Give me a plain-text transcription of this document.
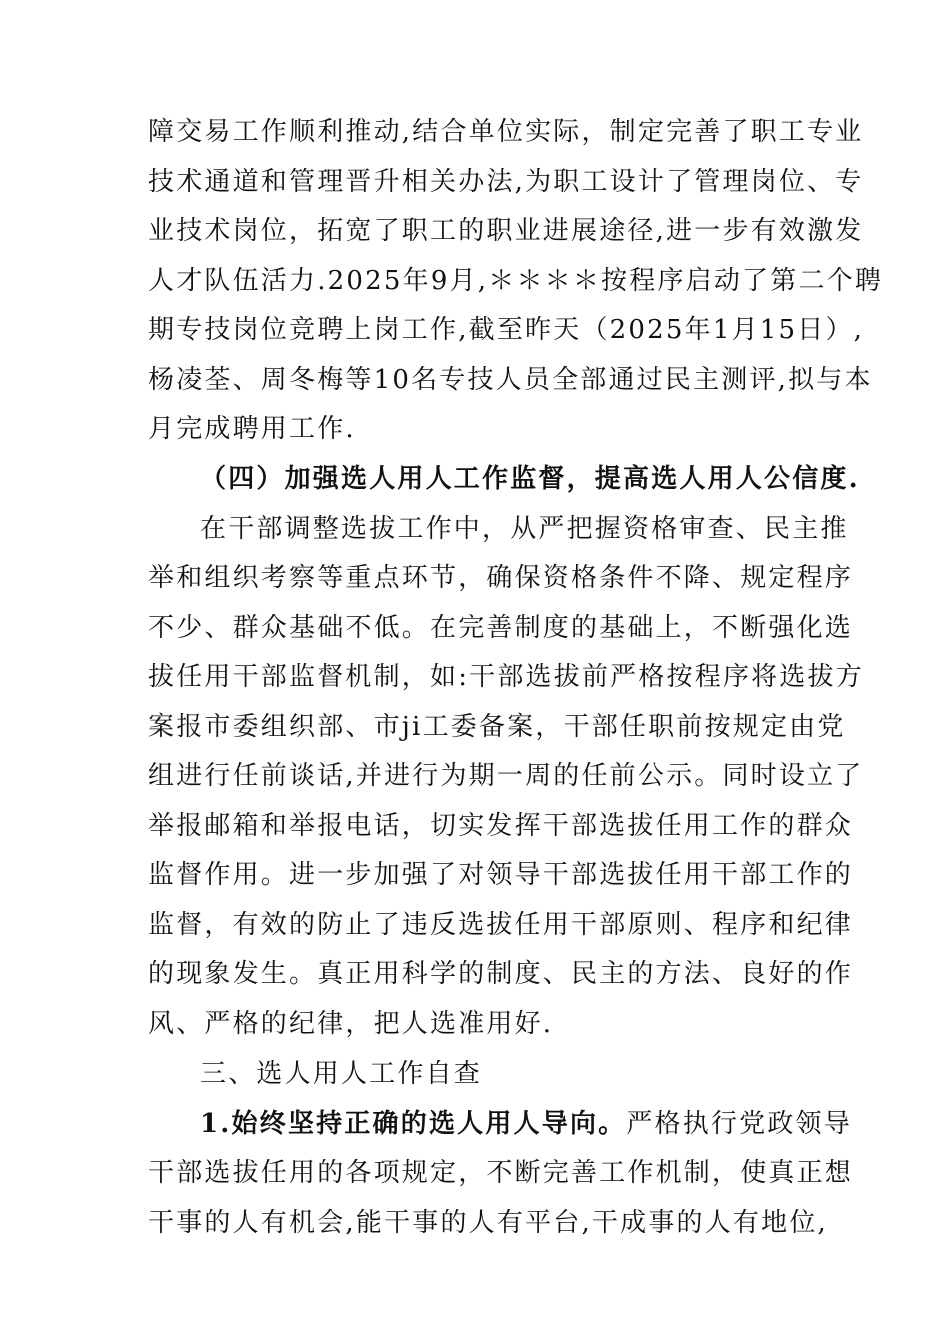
障交易工作顺利推动,结合单位实际，制定完善了职工专业
技术通道和管理晋升相关办法,为职工设计了管理岗位、专
业技术岗位，拓宽了职工的职业进展途径,进一步有效激发
人才队伍活力.2025年9月,＊＊＊＊按程序启动了第二个聘
期专技岗位竞聘上岗工作,截至昨天（2025年1月15日）,
杨凌荃、周冬梅等10名专技人员全部通过民主测评,拟与本
月完成聘用工作.
（四）加强选人用人工作监督，提高选人用人公信度.
在干部调整选拔工作中，从严把握资格审查、民主推
举和组织考察等重点环节，确保资格条件不降、规定程序
不少、群众基础不低。在完善制度的基础上，不断强化选
拔任用干部监督机制，如:干部选拔前严格按程序将选拔方
案报市委组织部、市ji工委备案，干部任职前按规定由党
组进行任前谈话,并进行为期一周的任前公示。同时设立了
举报邮箱和举报电话，切实发挥干部选拔任用工作的群众
监督作用。进一步加强了对领导干部选拔任用干部工作的
监督，有效的防止了违反选拔任用干部原则、程序和纪律
的现象发生。真正用科学的制度、民主的方法、良好的作
风、严格的纪律，把人选准用好.
三、选人用人工作自查
1.始终坚持正确的选人用人导向。严格执行党政领导
干部选拔任用的各项规定，不断完善工作机制，使真正想
干事的人有机会,能干事的人有平台,干成事的人有地位,
